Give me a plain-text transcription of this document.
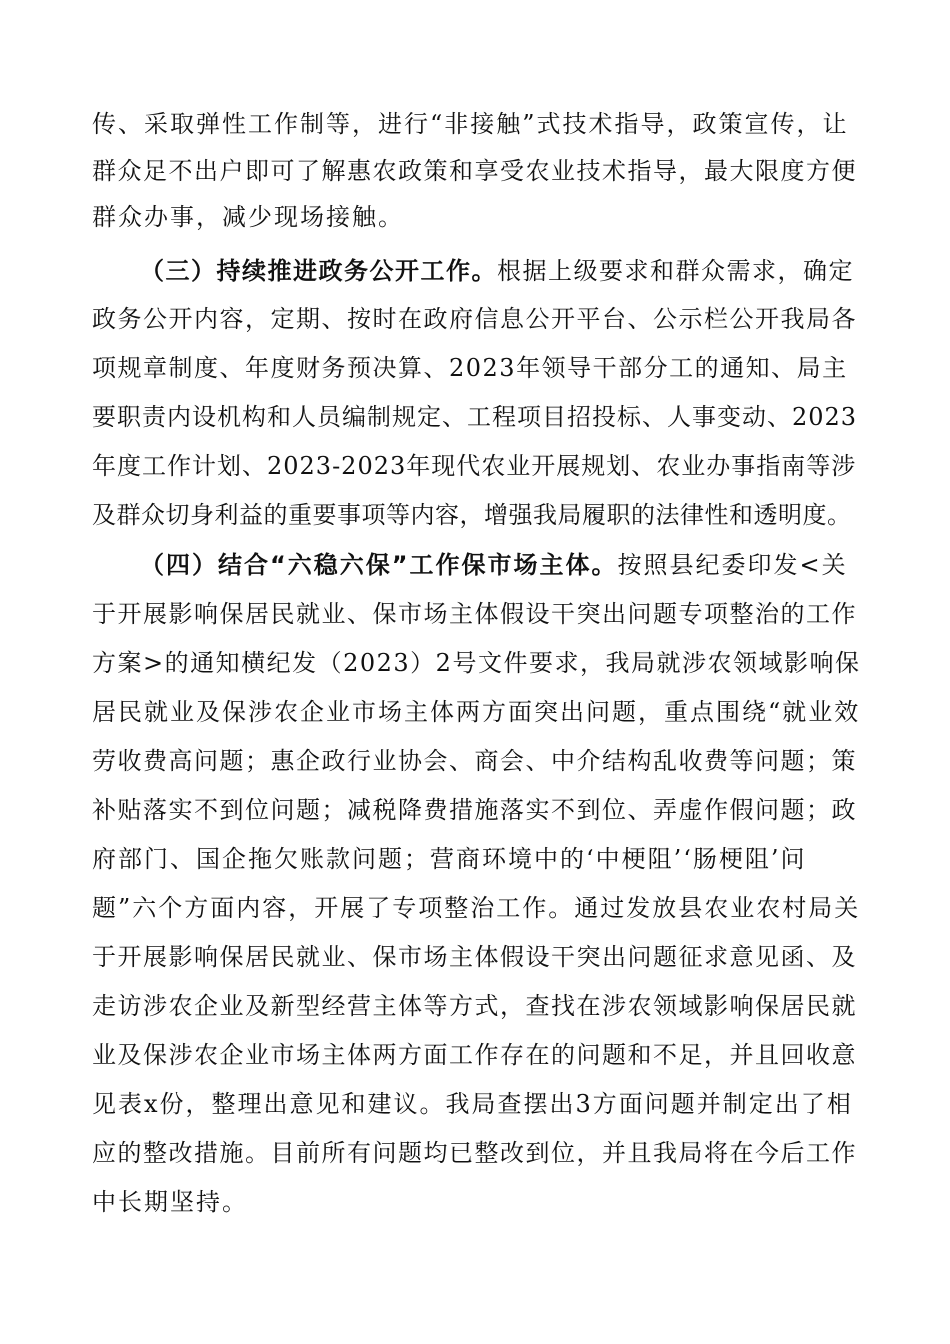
传、采取弹性工作制等，进行“非接触”式技术指导，政策宣传，让
群众足不出户即可了解惠农政策和享受农业技术指导，最大限度方便
群众办事，减少现场接触。
（三）持续推进政务公开工作。根据上级要求和群众需求，确定
政务公开内容，定期、按时在政府信息公开平台、公示栏公开我局各
项规章制度、年度财务预决算、2023年领导干部分工的通知、局主
要职责内设机构和人员编制规定、工程项目招投标、人事变动、2023
年度工作计划、2023-2023年现代农业开展规划、农业办事指南等涉
及群众切身利益的重要事项等内容，增强我局履职的法律性和透明度。
（四）结合“六稳六保”工作保市场主体。按照县纪委印发<关
于开展影响保居民就业、保市场主体假设干突出问题专项整治的工作
方案>的通知横纪发（2023）2号文件要求，我局就涉农领域影响保
居民就业及保涉农企业市场主体两方面突出问题，重点围绕“就业效
劳收费高问题；惠企政行业协会、商会、中介结构乱收费等问题；策
补贴落实不到位问题；减税降费措施落实不到位、弄虚作假问题；政
府部门、国企拖欠账款问题；营商环境中的‘中梗阻’‘肠梗阻’问
题”六个方面内容，开展了专项整治工作。通过发放县农业农村局关
于开展影响保居民就业、保市场主体假设干突出问题征求意见函、及
走访涉农企业及新型经营主体等方式，查找在涉农领域影响保居民就
业及保涉农企业市场主体两方面工作存在的问题和不足，并且回收意
见表x份，整理出意见和建议。我局查摆出3方面问题并制定出了相
应的整改措施。目前所有问题均已整改到位，并且我局将在今后工作
中长期坚持。
